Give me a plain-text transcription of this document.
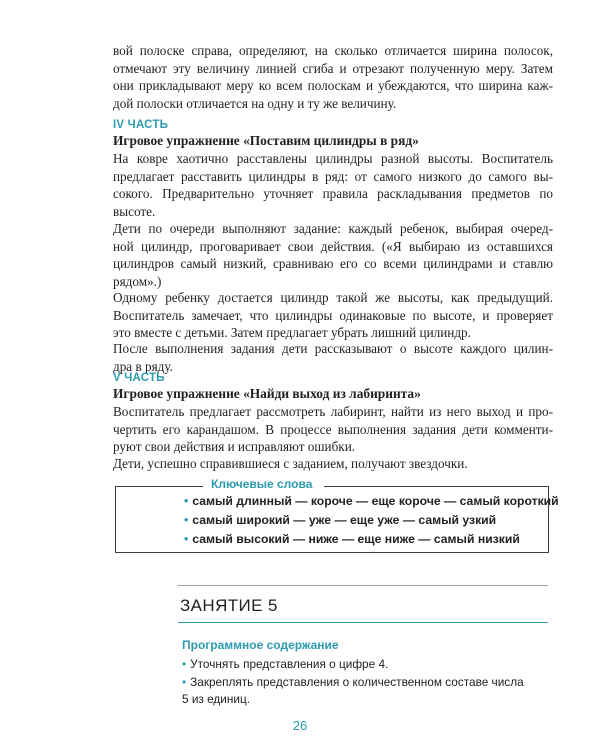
вой полоске справа, определяют, на сколько отличается ширина полосок,
отмечают эту величину линией сгиба и отрезают полученную меру. Затем
они прикладывают меру ко всем полоскам и убеждаются, что ширина каж-
дой полоски отличается на одну и ту же величину.
IV ЧАСТЬ
Игровое упражнение «Поставим цилиндры в ряд»
На ковре хаотично расставлены цилиндры разной высоты. Воспитатель
предлагает расставить цилиндры в ряд: от самого низкого до самого вы-
сокого. Предварительно уточняет правила раскладывания предметов по
высоте.
Дети по очереди выполняют задание: каждый ребенок, выбирая очеред-
ной цилиндр, проговаривает свои действия. («Я выбираю из оставшихся
цилиндров самый низкий, сравниваю его со всеми цилиндрами и ставлю
рядом».)
Одному ребенку достается цилиндр такой же высоты, как предыдущий.
Воспитатель замечает, что цилиндры одинаковые по высоте, и проверяет
это вместе с детьми. Затем предлагает убрать лишний цилиндр.
После выполнения задания дети рассказывают о высоте каждого цилин-
дра в ряду.
V ЧАСТЬ
Игровое упражнение «Найди выход из лабиринта»
Воспитатель предлагает рассмотреть лабиринт, найти из него выход и про-
чертить его карандашом. В процессе выполнения задания дети комменти-
руют свои действия и исправляют ошибки.
Дети, успешно справившиеся с заданием, получают звездочки.
Ключевые слова
• самый длинный — короче — еще короче — самый короткий
• самый широкий — уже — еще уже — самый узкий
• самый высокий — ниже — еще ниже — самый низкий
ЗАНЯТИЕ 5
Программное содержание
• Уточнять представления о цифре 4.
• Закреплять представления о количественном составе числа
5 из единиц.
26
